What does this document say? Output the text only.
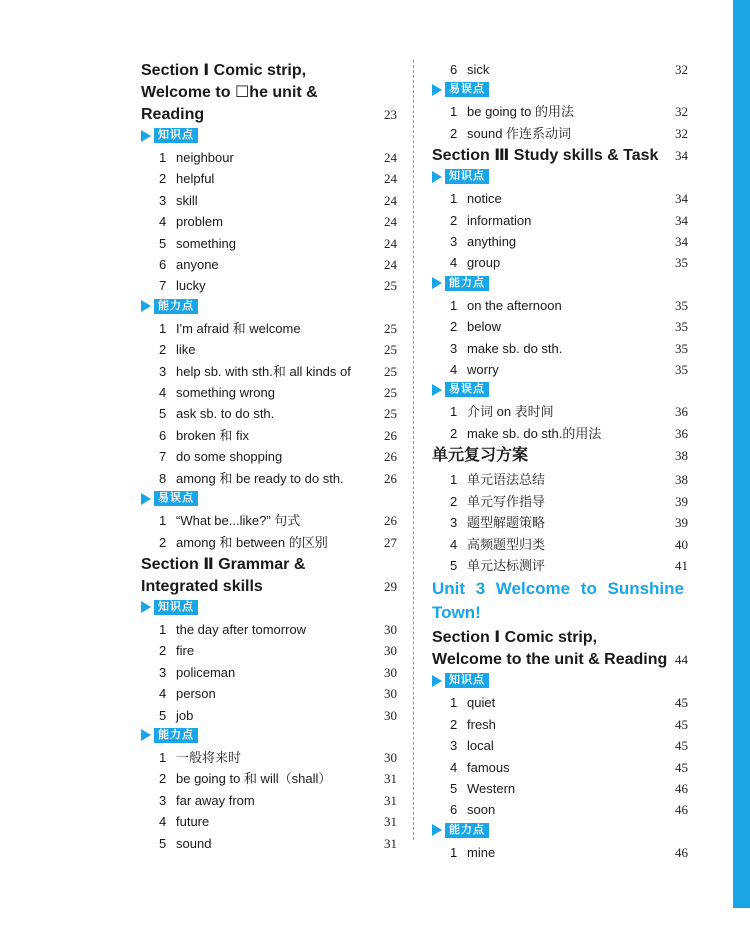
Section Ⅰ Comic strip, Welcome to ☐he unit & Reading	23
知识点
1 neighbour	24
2 helpful	24
3 skill	24
4 problem	24
5 something	24
6 anyone	24
7 lucky	25
能力点
1 I'm afraid 和 welcome	25
2 like	25
3 help sb. with sth.和 all kinds of	25
4 something wrong	25
5 ask sb. to do sth.	25
6 broken 和 fix	26
7 do some shopping	26
8 among 和 be ready to do sth.	26
易误点
1 “What be...like?” 句式	26
2 among 和 between 的区别	27
Section Ⅱ Grammar & Integrated skills	29
知识点
1 the day after tomorrow	30
2 fire	30
3 policeman	30
4 person	30
5 job	30
能力点
1 一般将来时	30
2 be going to 和 will（shall）	31
3 far away from	31
4 future	31
5 sound	31
6 sick	32
易误点
1 be going to 的用法	32
2 sound 作连系动词	32
Section Ⅲ Study skills & Task	34
知识点
1 notice	34
2 information	34
3 anything	34
4 group	35
能力点
1 on the afternoon	35
2 below	35
3 make sb. do sth.	35
4 worry	35
易误点
1 介词 on 表时间	36
2 make sb. do sth.的用法	36
单元复习方案	38
1 单元语法总结	38
2 单元写作指导	39
3 题型解题策略	39
4 高频题型归类	40
5 单元达标测评	41
Unit 3 Welcome to Sunshine Town!
Section Ⅰ Comic strip, Welcome to the unit & Reading 44
知识点
1 quiet	45
2 fresh	45
3 local	45
4 famous	45
5 Western	46
6 soon	46
能力点
1 mine	46
